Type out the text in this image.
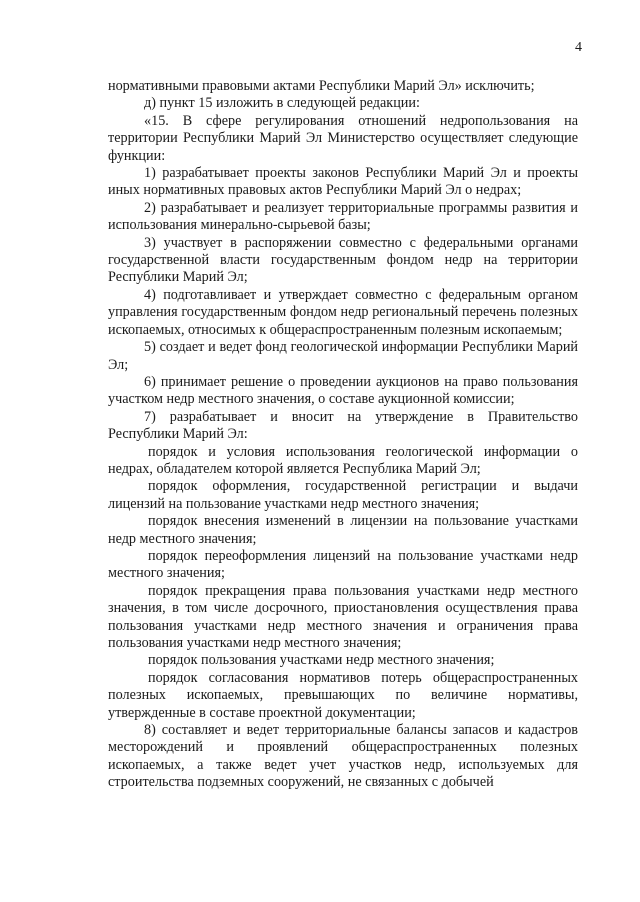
4

нормативными правовыми актами Республики Марий Эл» исключить;

д) пункт 15 изложить в следующей редакции:

«15. В сфере регулирования отношений недропользования на территории Республики Марий Эл Министерство осуществляет следующие функции:

1) разрабатывает проекты законов Республики Марий Эл и проекты иных нормативных правовых актов Республики Марий Эл о недрах;

2) разрабатывает и реализует территориальные программы развития и использования минерально-сырьевой базы;

3) участвует в распоряжении совместно с федеральными органами государственной власти государственным фондом недр на территории Республики Марий Эл;

4) подготавливает и утверждает совместно с федеральным органом управления государственным фондом недр региональный перечень полезных ископаемых, относимых к общераспространенным полезным ископаемым;

5) создает и ведет фонд геологической информации Республики Марий Эл;

6) принимает решение о проведении аукционов на право пользования участком недр местного значения, о составе аукционной комиссии;

7) разрабатывает и вносит на утверждение в Правительство Республики Марий Эл:

порядок и условия использования геологической информации о недрах, обладателем которой является Республика Марий Эл;

порядок оформления, государственной регистрации и выдачи лицензий на пользование участками недр местного значения;

порядок внесения изменений в лицензии на пользование участками недр местного значения;

порядок переоформления лицензий на пользование участками недр местного значения;

порядок прекращения права пользования участками недр местного значения, в том числе досрочного, приостановления осуществления права пользования участками недр местного значения и ограничения права пользования участками недр местного значения;

порядок пользования участками недр местного значения;

порядок согласования нормативов потерь общераспространенных полезных ископаемых, превышающих по величине нормативы, утвержденные в составе проектной документации;

8) составляет и ведет территориальные балансы запасов и кадастров месторождений и проявлений общераспространенных полезных ископаемых, а также ведет учет участков недр, используемых для строительства подземных сооружений, не связанных с добычей
